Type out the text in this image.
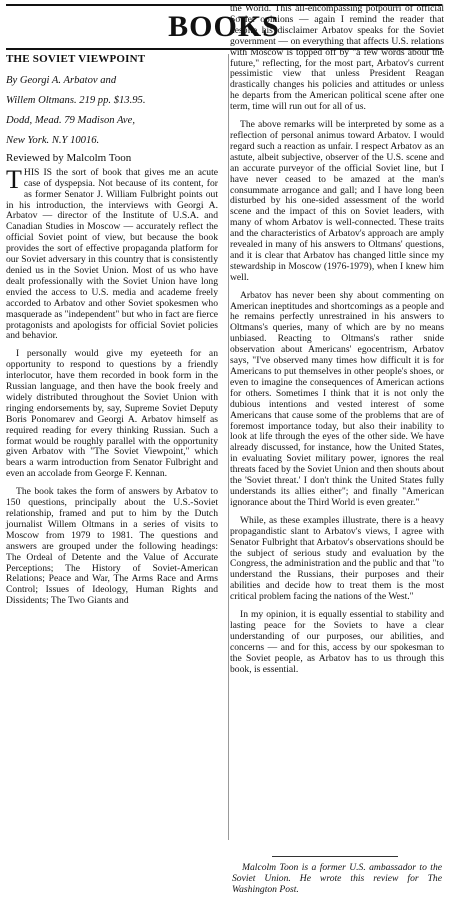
BOOKS
THE SOVIET VIEWPOINT
By Georgi A. Arbatov and
Willem Oltmans. 219 pp. $13.95.
Dodd, Mead. 79 Madison Ave,
New York. N.Y 10016.
Reviewed by Malcolm Toon

THIS IS the sort of book that gives me an acute case of dyspepsia. Not because of its content, for as former Senator J. William Fulbright points out in his introduction, the interviews with Georgi A. Arbatov — director of the Institute of U.S.A. and Canadian Studies in Moscow — accurately reflect the official Soviet point of view, but because the book provides the sort of effective propaganda platform for our Soviet adversary in this country that is consistently denied us in the Soviet Union. Most of us who have dealt professionally with the Soviet Union have long envied the access to U.S. media and academe freely accorded to Arbatov and other Soviet spokesmen who masquerade as "independent" but who in fact are fierce protagonists and apologists for official Soviet policies and behavior.

I personally would give my eyeteeth for an opportunity to respond to questions by a friendly interlocutor, have them recorded in book form in the Russian language, and then have the book freely and widely distributed throughout the Soviet Union with ringing endorsements by, say, Supreme Soviet Deputy Boris Ponomarev and Georgi A. Arbatov himself as required reading for every thinking Russian. Such a format would be roughly parallel with the opportunity given Arbatov with "The Soviet Viewpoint," which bears a warm introduction from Senator Fulbright and even an accolade from George F. Kennan.

The book takes the form of answers by Arbatov to 150 questions, principally about the U.S.-Soviet relationship, framed and put to him by the Dutch journalist Willem Oltmans in a series of visits to Moscow from 1979 to 1981. The questions and answers are grouped under the following headings: The Ordeal of Detente and the Value of Accurate Perceptions; The History of Soviet-American Relations; Peace and War, The Arms Race and Arms Control; Issues of Ideology, Human Rights and Dissidents; The Two Giants and

the World. This all-encompassing potpourri of official Soviet opinions — again I remind the reader that despite his disclaimer Arbatov speaks for the Soviet government — on everything that affects U.S. relations with Moscow is topped off by "a few words about the future," reflecting, for the most part, Arbatov's current pessimistic view that unless President Reagan drastically changes his policies and attitudes or unless he departs from the American political scene after one term, time will run out for all of us.

The above remarks will be interpreted by some as a reflection of personal animus toward Arbatov. I would regard such a reaction as unfair. I respect Arbatov as an astute, albeit subjective, observer of the U.S. scene and an accurate purveyor of the official Soviet line, but I have never ceased to be amazed at the man's consummate arrogance and gall; and I have long been disturbed by his one-sided assessment of the world scene and the impact of this on Soviet leaders, with many of whom Arbatov is well-connected. These traits and the characteristics of Arbatov's approach are amply revealed in many of his answers to Oltmans' questions, and it is clear that Arbatov has changed little since my stewardship in Moscow (1976-1979), when I knew him well.

Arbatov has never been shy about commenting on American ineptitudes and shortcomings as a people and he remains perfectly unrestrained in his answers to Oltmans's queries, many of which are by no means unbiased. Reacting to Oltmans's rather snide observation about Americans' egocentrism, Arbatov says, "I've observed many times how difficult it is for Americans to put themselves in other people's shoes, or even to imagine the consequences of American actions for others. Sometimes I think that it is not only the dubious intentions and vested interest of some Americans that cause some of the problems that are of foremost importance today, but also their inability to look at life through the eyes of the other side. We have already discussed, for instance, how the United States, in evaluating Soviet military power, ignores the real threats faced by the Soviet Union and then shouts about the 'Soviet threat.' I don't think the United States fully understands its allies either"; and finally "American ignorance about the Third World is even greater."

While, as these examples illustrate, there is a heavy propagandistic slant to Arbatov's views, I agree with Senator Fulbright that Arbatov's observations should be the subject of serious study and evaluation by the Congress, the administration and the public and that "to understand the Russians, their purposes and their abilities and decide how to treat them is the most critical problem facing the nations of the West."

In my opinion, it is equally essential to stability and lasting peace for the Soviets to have a clear understanding of our purposes, our abilities, and concerns — and for this, access by our spokesman to the Soviet people, as Arbatov has to us through this book, is essential.

Malcolm Toon is a former U.S. ambassador to the Soviet Union. He wrote this review for The Washington Post.
